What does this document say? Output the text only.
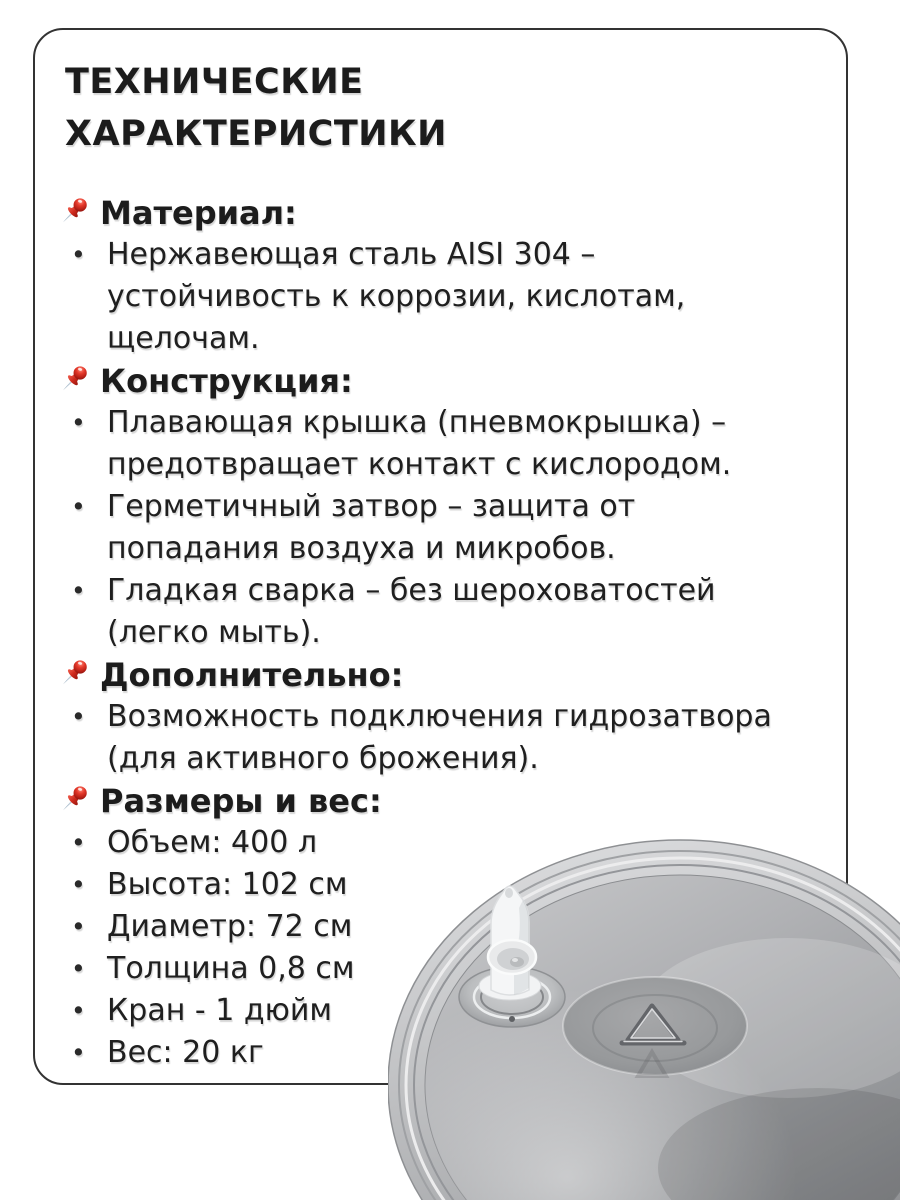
ТЕХНИЧЕСКИЕ
ХАРАКТЕРИСТИКИ
Материал:
• Нержавеющая сталь AISI 304 –
устойчивость к коррозии, кислотам,
щелочам.
Конструкция:
• Плавающая крышка (пневмокрышка) –
предотвращает контакт с кислородом.
• Герметичный затвор – защита от
попадания воздуха и микробов.
• Гладкая сварка – без шероховатостей
(легко мыть).
Дополнительно:
• Возможность подключения гидрозатвора
(для активного брожения).
Размеры и вес:
• Объем: 400 л
• Высота: 102 см
• Диаметр: 72 см
• Толщина 0,8 см
• Кран - 1 дюйм
• Вес: 20 кг
